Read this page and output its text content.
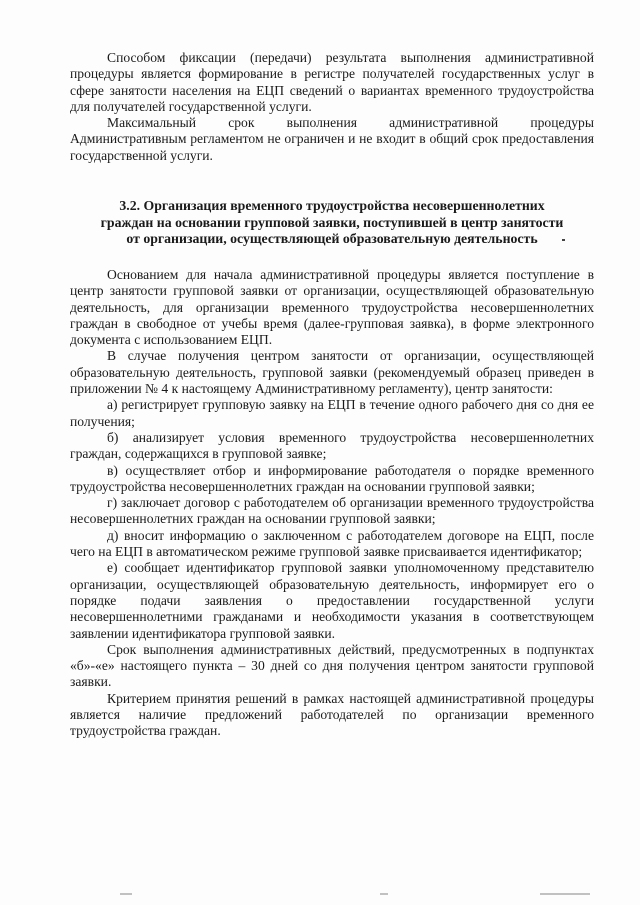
Способом фиксации (передачи) результата выполнения административной процедуры является формирование в регистре получателей государственных услуг в сфере занятости населения на ЕЦП сведений о вариантах временного трудоустройства для получателей государственной услуги.

Максимальный срок выполнения административной процедуры Административным регламентом не ограничен и не входит в общий срок предоставления государственной услуги.

3.2. Организация временного трудоустройства несовершеннолетних
граждан на основании групповой заявки, поступившей в центр занятости
от организации, осуществляющей образовательную деятельность

Основанием для начала административной процедуры является поступление в центр занятости групповой заявки от организации, осуществляющей образовательную деятельность, для организации временного трудоустройства несовершеннолетних граждан в свободное от учебы время (далее-групповая заявка), в форме электронного документа с использованием ЕЦП.

В случае получения центром занятости от организации, осуществляющей образовательную деятельность, групповой заявки (рекомендуемый образец приведен в приложении № 4 к настоящему Административному регламенту), центр занятости:

а) регистрирует групповую заявку на ЕЦП в течение одного рабочего дня со дня ее получения;

б) анализирует условия временного трудоустройства несовершеннолетних граждан, содержащихся в групповой заявке;

в) осуществляет отбор и информирование работодателя о порядке временного трудоустройства несовершеннолетних граждан на основании групповой заявки;

г) заключает договор с работодателем об организации временного трудоустройства несовершеннолетних граждан на основании групповой заявки;

д) вносит информацию о заключенном с работодателем договоре на ЕЦП, после чего на ЕЦП в автоматическом режиме групповой заявке присваивается идентификатор;

е) сообщает идентификатор групповой заявки уполномоченному представителю организации, осуществляющей образовательную деятельность, информирует его о порядке подачи заявления о предоставлении государственной услуги несовершеннолетними гражданами и необходимости указания в соответствующем заявлении идентификатора групповой заявки.

Срок выполнения административных действий, предусмотренных в подпунктах «б»-«е» настоящего пункта – 30 дней со дня получения центром занятости групповой заявки.

Критерием принятия решений в рамках настоящей административной процедуры является наличие предложений работодателей по организации временного трудоустройства граждан.
